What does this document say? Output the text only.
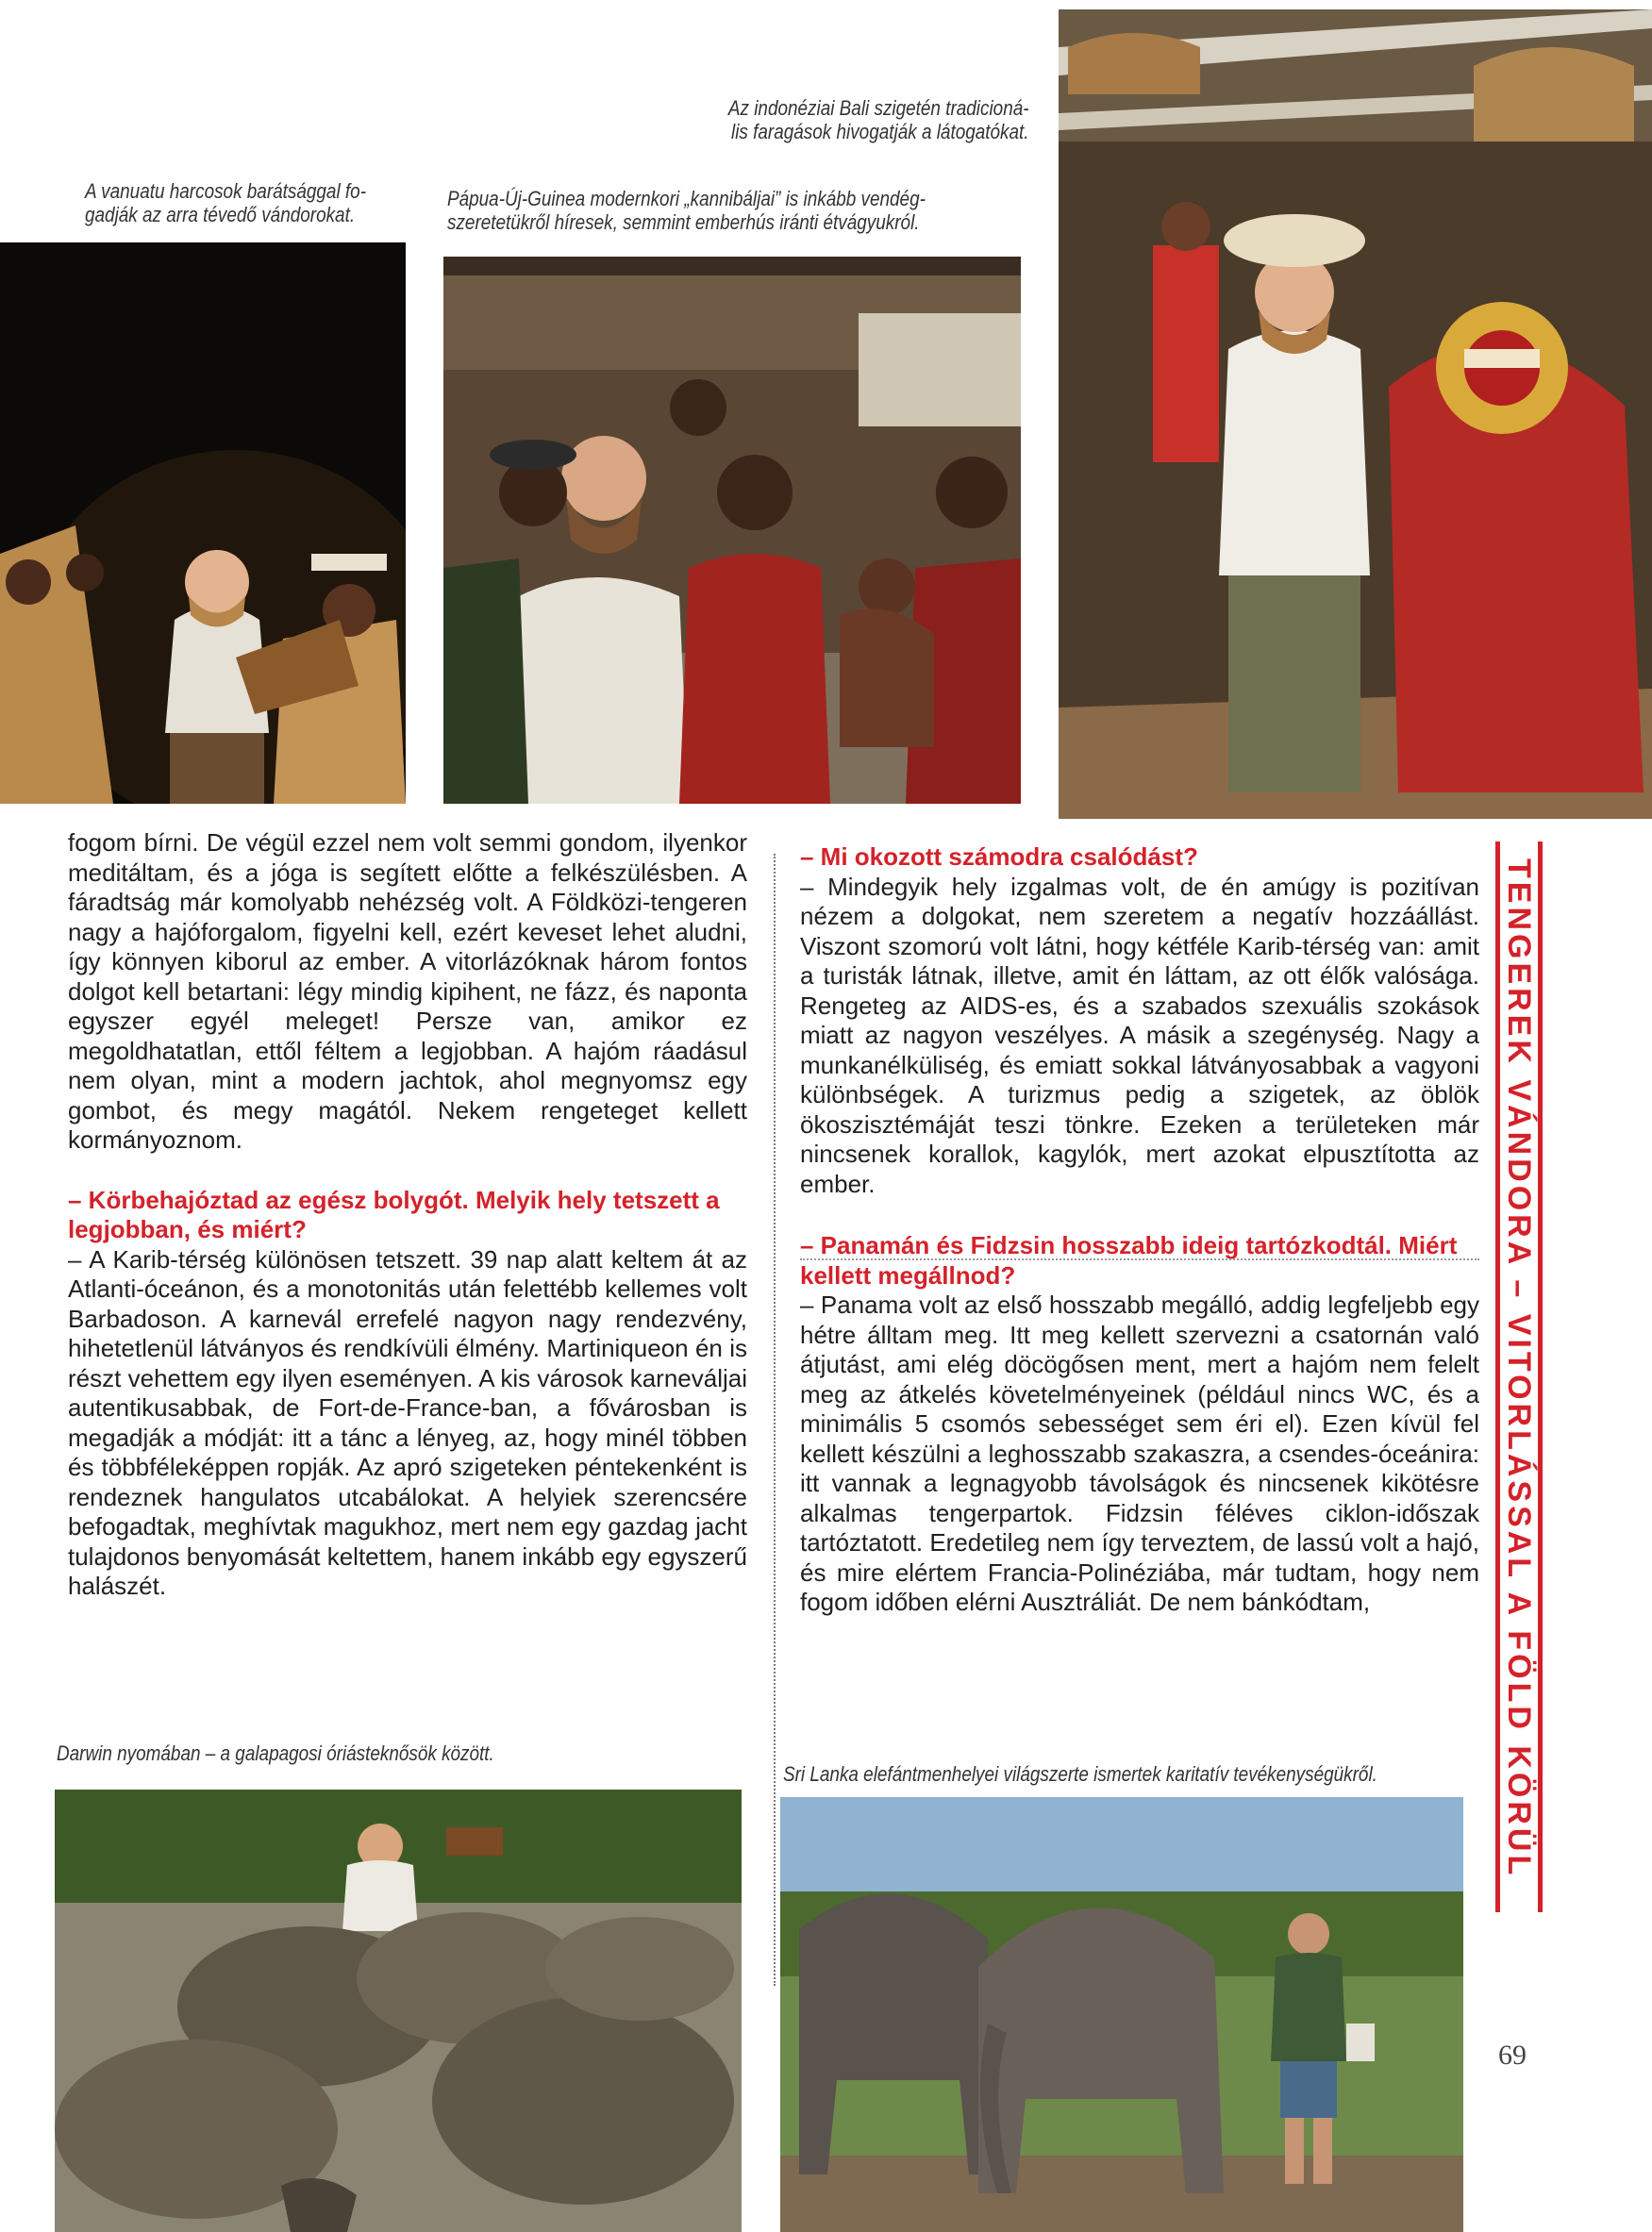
A vanuatu harcosok barátsággal fo-
gadják az arra tévedő vándorokat.
Az indonéziai Bali szigetén tradicioná-
lis faragások hivogatják a látogatókat.
Pápua-Új-Guinea modernkori „kannibáljai” is inkább vendég-
szeretetükről híresek, semmint emberhús iránti étvágyukról.

fogom bírni. De végül ezzel nem volt semmi gondom, ilyenkor meditáltam, és a jóga is segített előtte a felkészülésben. A fáradtság már komolyabb nehézség volt. A Földközi-tengeren nagy a hajóforgalom, figyelni kell, ezért keveset lehet aludni, így könnyen kiborul az ember. A vitorlázóknak három fontos dolgot kell betartani: légy mindig kipihent, ne fázz, és naponta egyszer egyél meleget! Persze van, amikor ez megoldhatatlan, ettől féltem a legjobban. A hajóm ráadásul nem olyan, mint a modern jachtok, ahol megnyomsz egy gombot, és megy magától. Nekem rengeteget kellett kormányoznom.

– Körbehajóztad az egész bolygót. Melyik hely tetszett a legjobban, és miért?

– A Karib-térség különösen tetszett. 39 nap alatt keltem át az Atlanti-óceánon, és a monotonitás után felettébb kellemes volt Barbadoson. A karnevál errefelé nagyon nagy rendezvény, hihetetlenül látványos és rendkívüli élmény. Martiniqueon én is részt vehettem egy ilyen eseményen. A kis városok karneváljai autentikusabbak, de Fort-de-France-ban, a fővárosban is megadják a módját: itt a tánc a lényeg, az, hogy minél többen és többféleképpen ropják. Az apró szigeteken péntekenként is rendeznek hangulatos utcabálokat. A helyiek szerencsére befogadtak, meghívtak magukhoz, mert nem egy gazdag jacht tulajdonos benyomását keltettem, hanem inkább egy egyszerű halászét.

– Mi okozott számodra csalódást?

– Mindegyik hely izgalmas volt, de én amúgy is pozitívan nézem a dolgokat, nem szeretem a negatív hozzáállást. Viszont szomorú volt látni, hogy kétféle Karib-térség van: amit a turisták látnak, illetve, amit én láttam, az ott élők valósága. Rengeteg az AIDS-es, és a szabados szexuális szokások miatt az nagyon veszélyes. A másik a szegénység. Nagy a munkanélküliség, és emiatt sokkal látványosabbak a vagyoni különbségek. A turizmus pedig a szigetek, az öblök ökoszisztémáját teszi tönkre. Ezeken a területeken már nincsenek korallok, kagylók, mert azokat elpusztította az ember.

– Panamán és Fidzsin hosszabb ideig tartózkodtál. Miért kellett megállnod?

– Panama volt az első hosszabb megálló, addig legfeljebb egy hétre álltam meg. Itt meg kellett szervezni a csatornán való átjutást, ami elég döcögősen ment, mert a hajóm nem felelt meg az átkelés követelményeinek (például nincs WC, és a minimális 5 csomós sebességet sem éri el). Ezen kívül fel kellett készülni a leghosszabb szakaszra, a csendes-óceánira: itt vannak a legnagyobb távolságok és nincsenek kikötésre alkalmas tengerpartok. Fidzsin féléves ciklon-időszak tartóztatott. Eredetileg nem így terveztem, de lassú volt a hajó, és mire elértem Francia-Polinéziába, már tudtam, hogy nem fogom időben elérni Ausztráliát. De nem bánkódtam,

Darwin nyomában – a galapagosi óriásteknősök között.
Sri Lanka elefántmenhelyei világszerte ismertek karitatív tevékenységükről.	TENGEREK VÁNDORA – VITORLÁSSAL A FÖLD KÖRÜL
69
